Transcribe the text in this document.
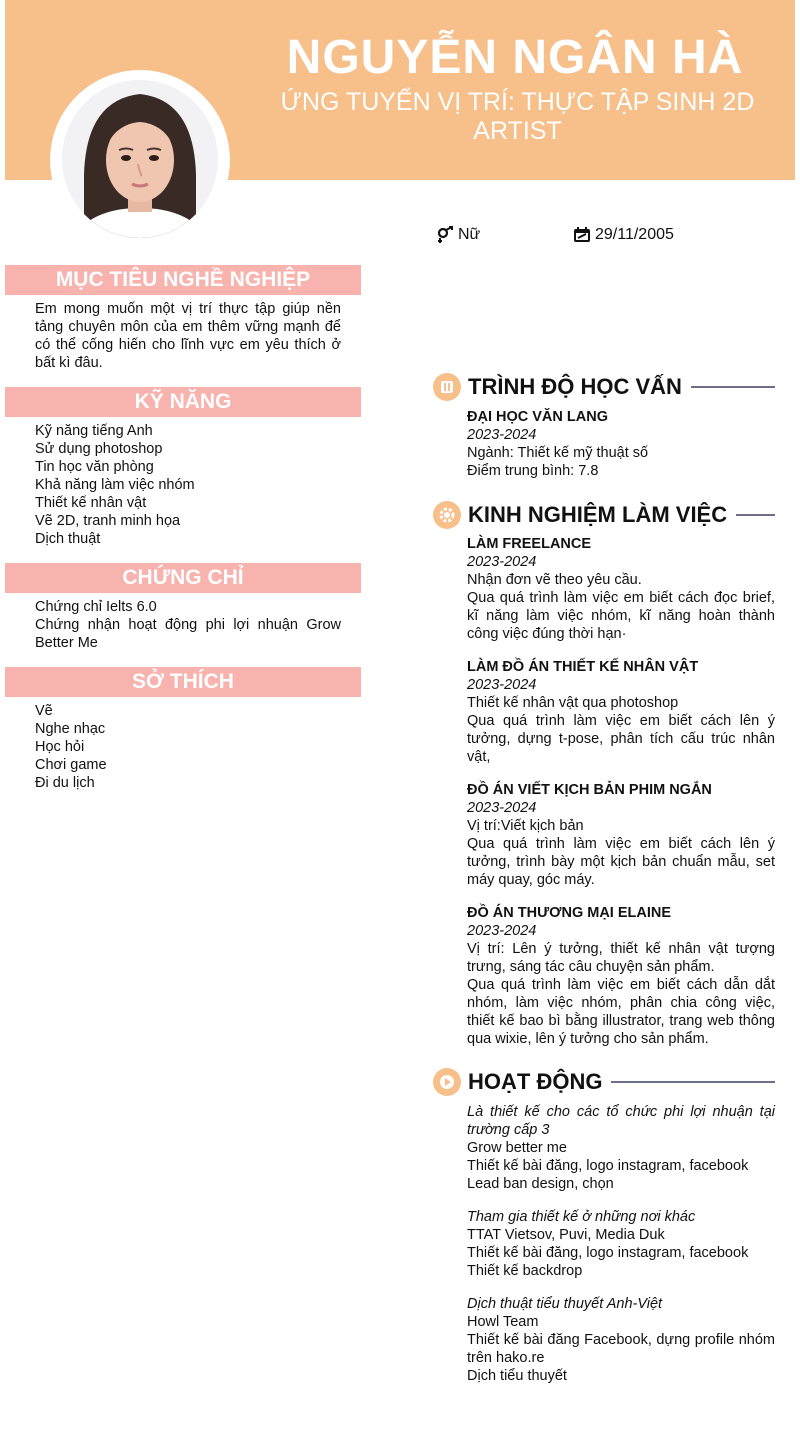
NGUYỄN NGÂN HÀ
ỨNG TUYỂN VỊ TRÍ: THỰC TẬP SINH 2D ARTIST
Nữ	29/11/2005
MỤC TIÊU NGHỀ NGHIỆP
Em mong muốn một vị trí thực tập giúp nền tảng chuyên môn của em thêm vững mạnh để có thể cống hiến cho lĩnh vực em yêu thích ở bất kì đâu.
KỸ NĂNG
Kỹ năng tiếng Anh
Sử dụng photoshop
Tin học văn phòng
Khả năng làm việc nhóm
Thiết kế nhân vật
Vẽ 2D, tranh minh họa
Dịch thuật
CHỨNG CHỈ
Chứng chỉ Ielts 6.0
Chứng nhận hoạt động phi lợi nhuận Grow Better Me
SỞ THÍCH
Vẽ
Nghe nhạc
Học hỏi
Chơi game
Đi du lịch
TRÌNH ĐỘ HỌC VẤN
ĐẠI HỌC VĂN LANG
2023-2024
Ngành: Thiết kế mỹ thuật số
Điểm trung bình: 7.8
KINH NGHIỆM LÀM VIỆC
LÀM FREELANCE
2023-2024
Nhận đơn vẽ theo yêu cầu.
Qua quá trình làm việc em biết cách đọc brief, kĩ năng làm việc nhóm, kĩ năng hoàn thành công việc đúng thời hạn·
LÀM ĐỒ ÁN THIẾT KẾ NHÂN VẬT
2023-2024
Thiết kế nhân vật qua photoshop
Qua quá trình làm việc em biết cách lên ý tưởng, dựng t-pose, phân tích cấu trúc nhân vật,
ĐỒ ÁN VIẾT KỊCH BẢN PHIM NGẮN
2023-2024
Vị trí:Viết kịch bản
Qua quá trình làm việc em biết cách lên ý tưởng, trình bày một kịch bản chuẩn mẫu, set máy quay, góc máy.
ĐỒ ÁN THƯƠNG MẠI ELAINE
2023-2024
Vị trí: Lên ý tưởng, thiết kế nhân vật tượng trưng, sáng tác câu chuyện sản phẩm.
Qua quá trình làm việc em biết cách dẫn dắt nhóm, làm việc nhóm, phân chia công việc, thiết kế bao bì bằng illustrator, trang web thông qua wixie, lên ý tưởng cho sản phẩm.
HOẠT ĐỘNG
Là thiết kế cho các tổ chức phi lợi nhuận tại trường cấp 3
Grow better me
Thiết kế bài đăng, logo instagram, facebook
Lead ban design, chọn
Tham gia thiết kế ở những nơi khác
TTAT Vietsov, Puvi, Media Duk
Thiết kế bài đăng, logo instagram, facebook
Thiết kế backdrop
Dịch thuật tiểu thuyết Anh-Việt
Howl Team
Thiết kế bài đăng Facebook, dựng profile nhóm trên hako.re
Dịch tiểu thuyết
